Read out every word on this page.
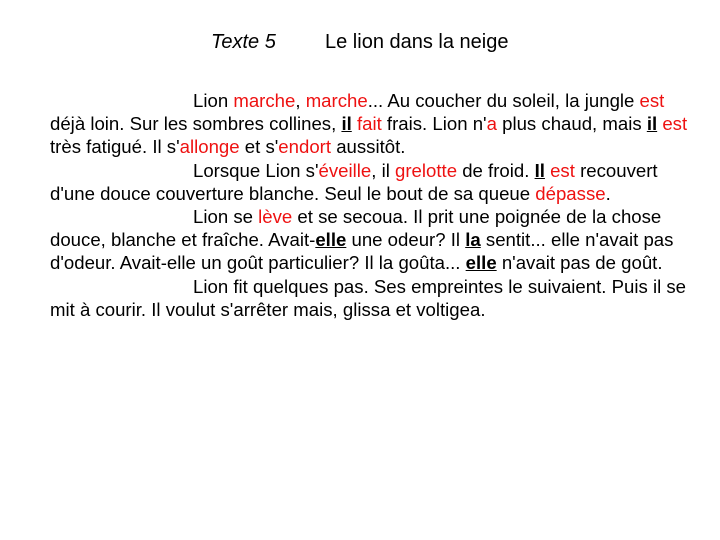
Texte 5 Le lion dans la neige

Lion marche, marche... Au coucher du soleil, la jungle est déjà loin. Sur les sombres collines, il fait frais. Lion n'a plus chaud, mais il est très fatigué. Il s'allonge et s'endort aussitôt.

Lorsque Lion s'éveille, il grelotte de froid. Il est recouvert d'une douce couverture blanche. Seul le bout de sa queue dépasse.

Lion se lève et se secoua. Il prit une poignée de la chose douce, blanche et fraîche. Avait-elle une odeur? Il la sentit... elle n'avait pas d'odeur. Avait-elle un goût particulier? Il la goûta... elle n'avait pas de goût.

Lion fit quelques pas. Ses empreintes le suivaient. Puis il se mit à courir. Il voulut s'arrêter mais, glissa et voltigea.
